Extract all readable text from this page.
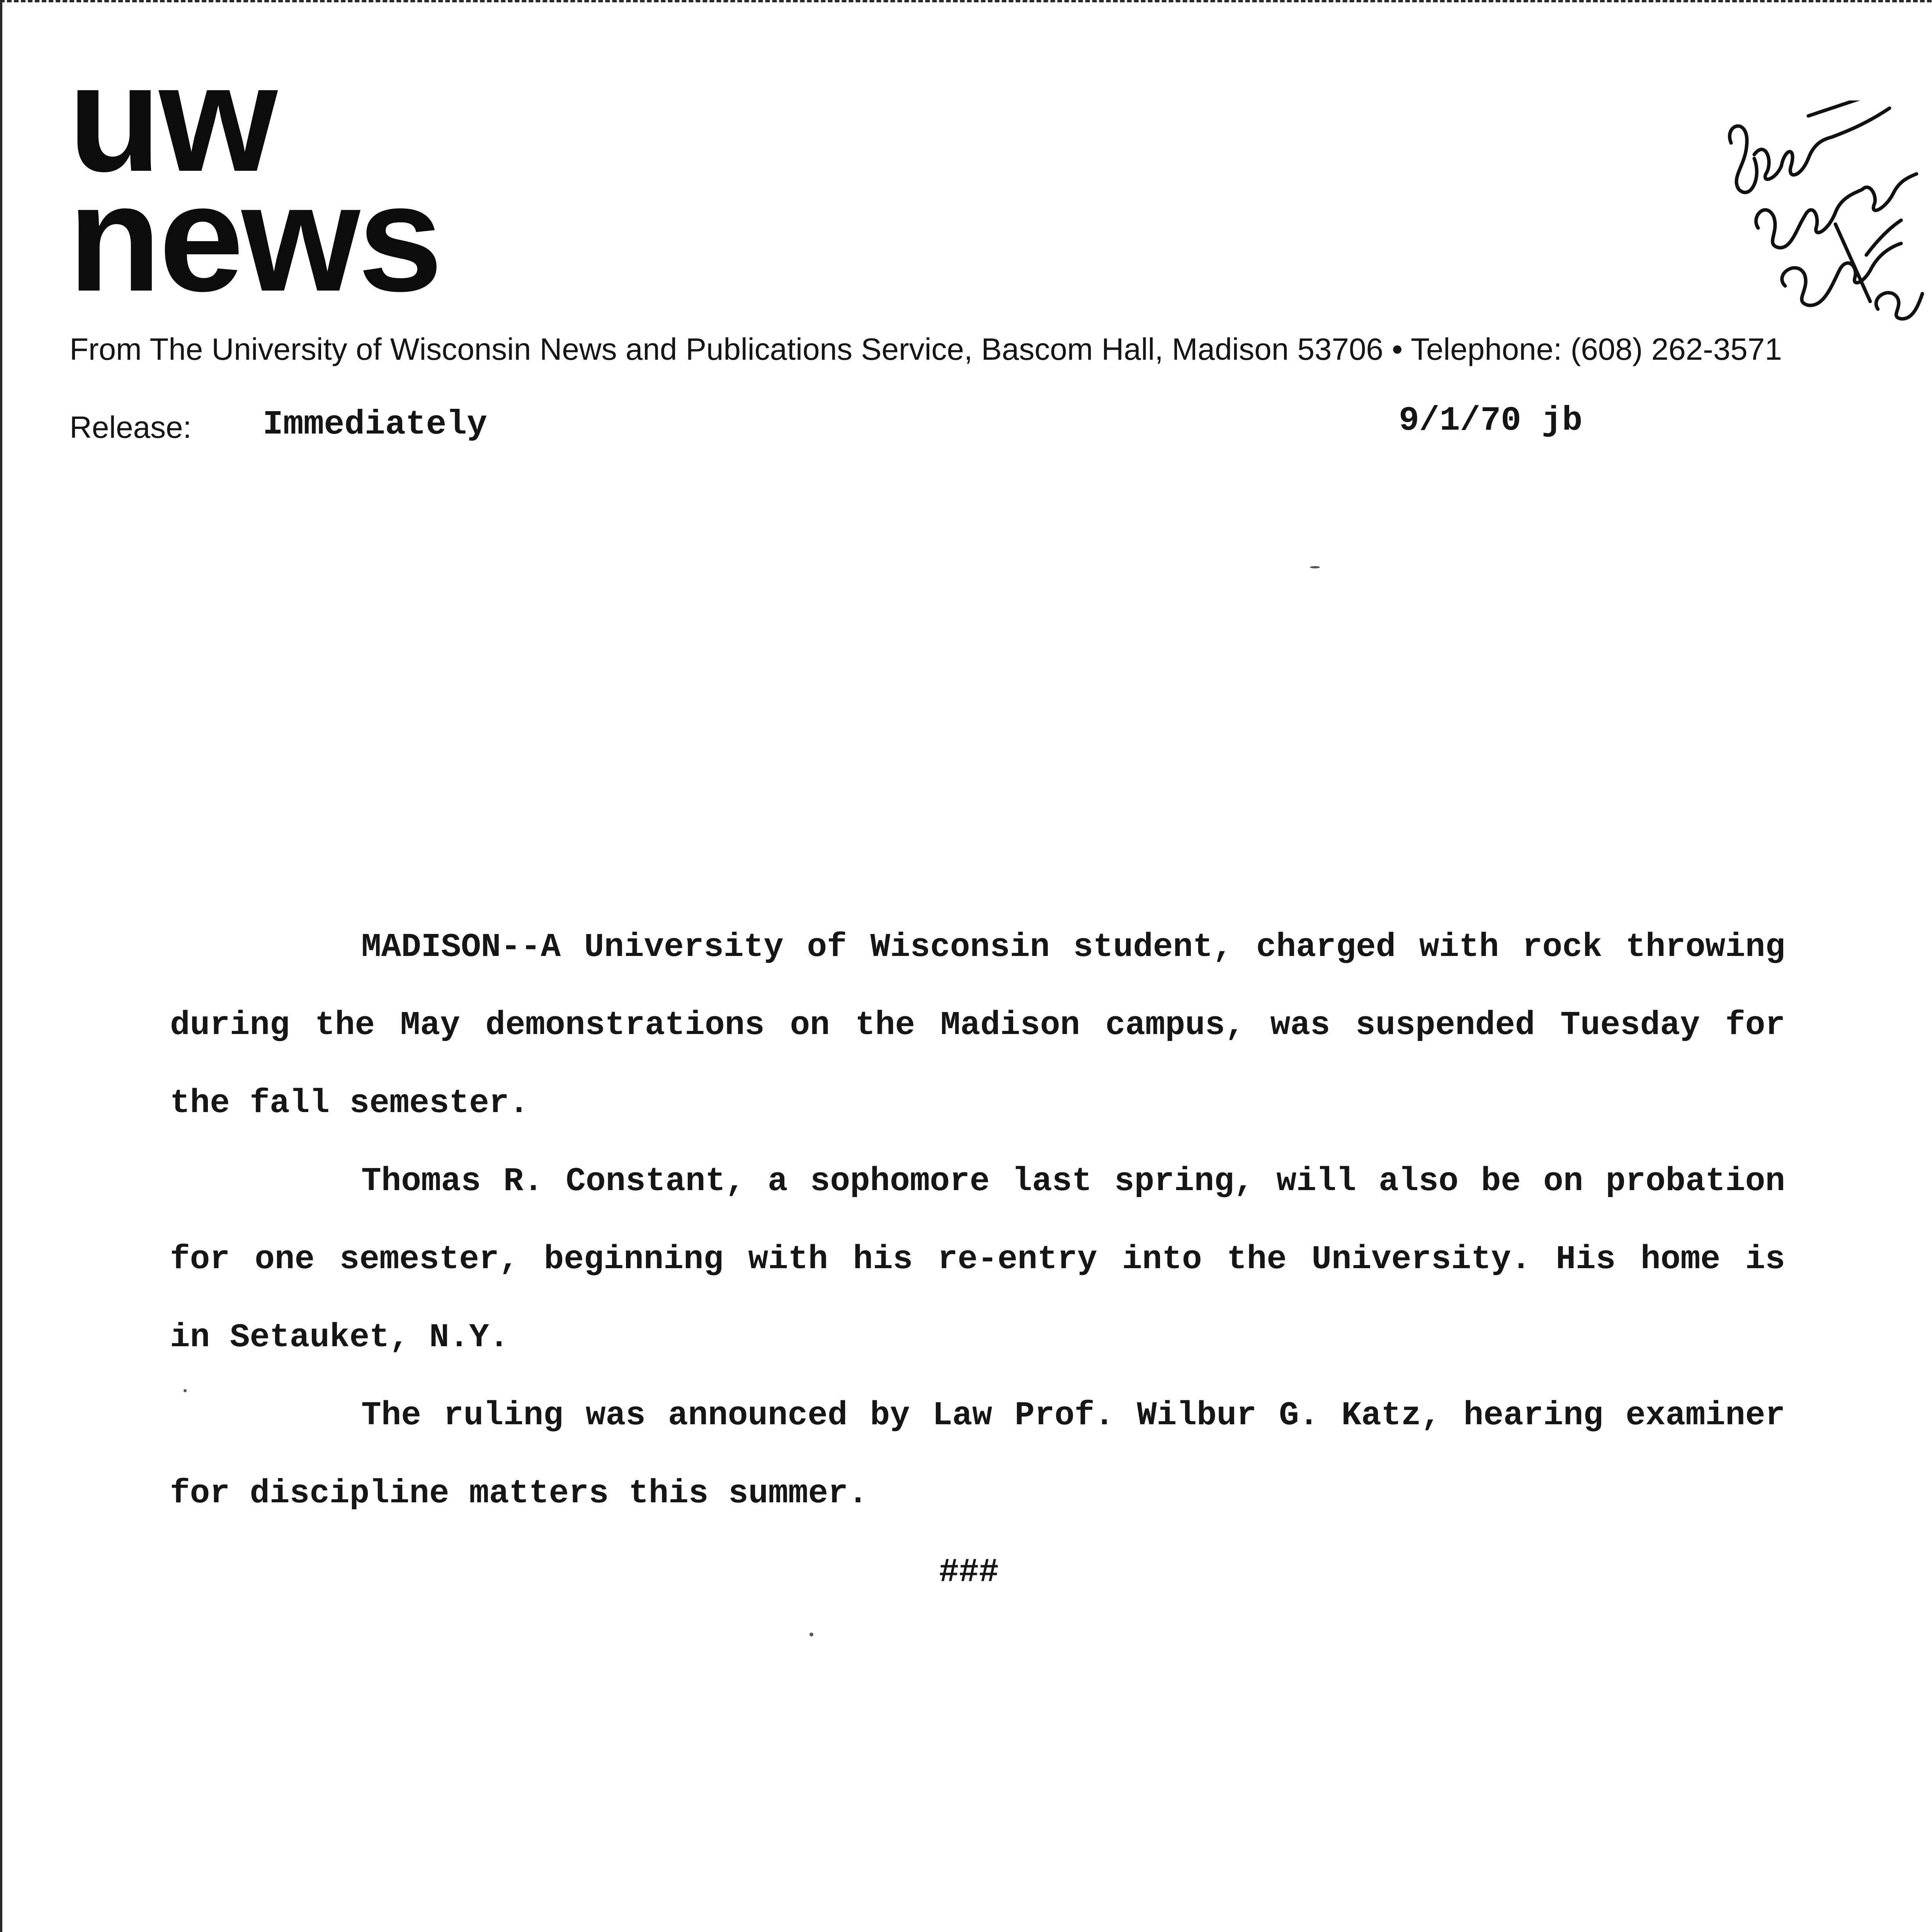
uw
news
From The University of Wisconsin News and Publications Service, Bascom Hall, Madison 53706 • Telephone: (608) 262-3571
Release: Immediately	9/1/70 jb

MADISON--A University of Wisconsin student, charged with rock throwing during the May demonstrations on the Madison campus, was suspended Tuesday for the fall semester.

Thomas R. Constant, a sophomore last spring, will also be on probation for one semester, beginning with his re-entry into the University. His home is in Setauket, N.Y.

The ruling was announced by Law Prof. Wilbur G. Katz, hearing examiner for discipline matters this summer.

###
